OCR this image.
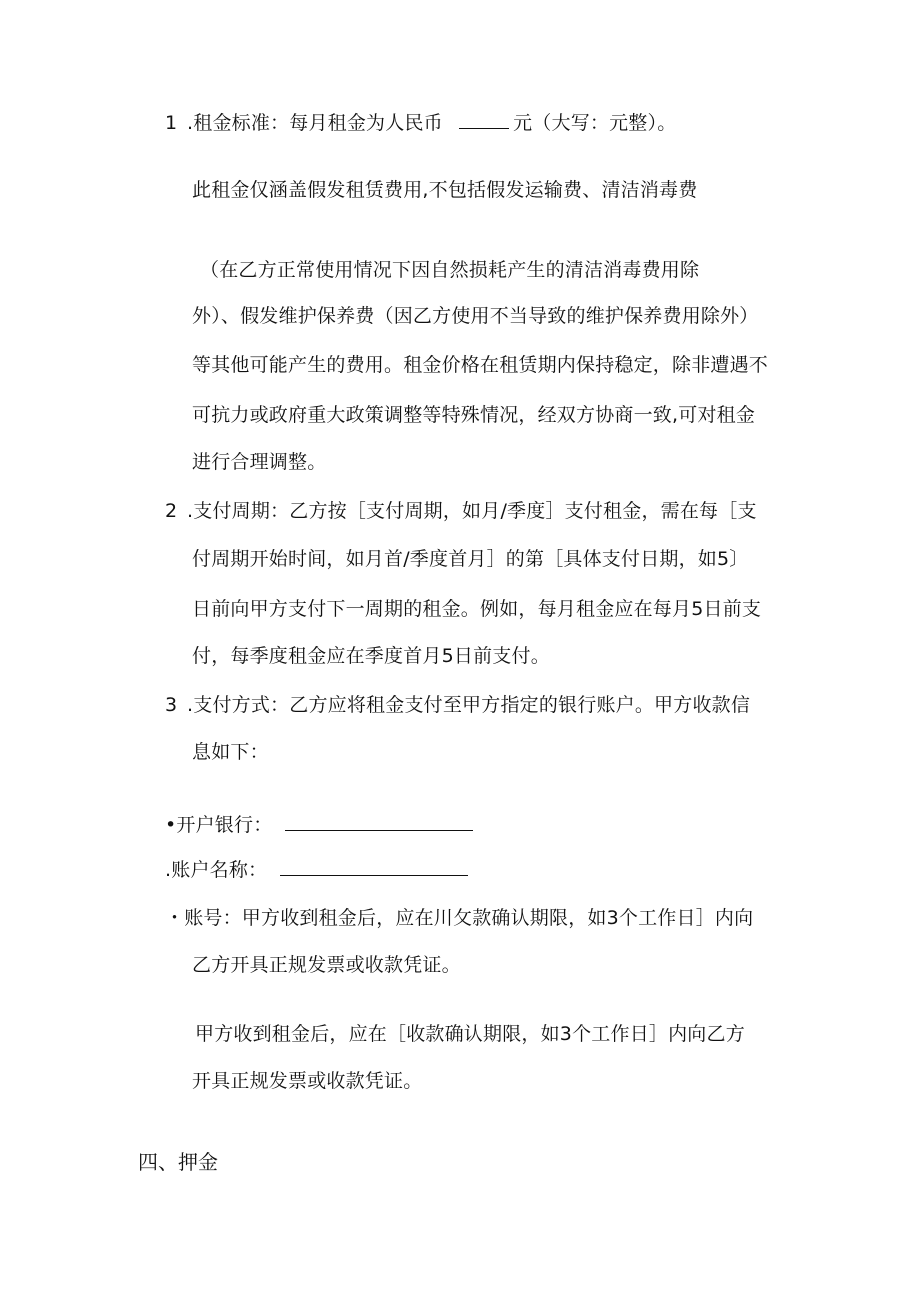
1 .租金标准：每月租金为人民币	元（大写：元整）。
此租金仅涵盖假发租赁费用,不包括假发运输费、清洁消毒费
（在乙方正常使用情况下因自然损耗产生的清洁消毒费用除
外）、假发维护保养费（因乙方使用不当导致的维护保养费用除外）
等其他可能产生的费用。租金价格在租赁期内保持稳定，除非遭遇不
可抗力或政府重大政策调整等特殊情况，经双方协商一致,可对租金
进行合理调整。
2 .支付周期：乙方按［支付周期，如月/季度］支付租金，需在每［支
付周期开始时间，如月首/季度首月］的第［具体支付日期，如5〕
日前向甲方支付下一周期的租金。例如，每月租金应在每月5日前支
付，每季度租金应在季度首月5日前支付。
3 .支付方式：乙方应将租金支付至甲方指定的银行账户。甲方收款信
息如下：
•开户银行：
.账户名称：
・账号：甲方收到租金后，应在川攵款确认期限，如3个工作日］内向
乙方开具正规发票或收款凭证。
甲方收到租金后，应在［收款确认期限，如3个工作日］内向乙方
开具正规发票或收款凭证。
四、押金
